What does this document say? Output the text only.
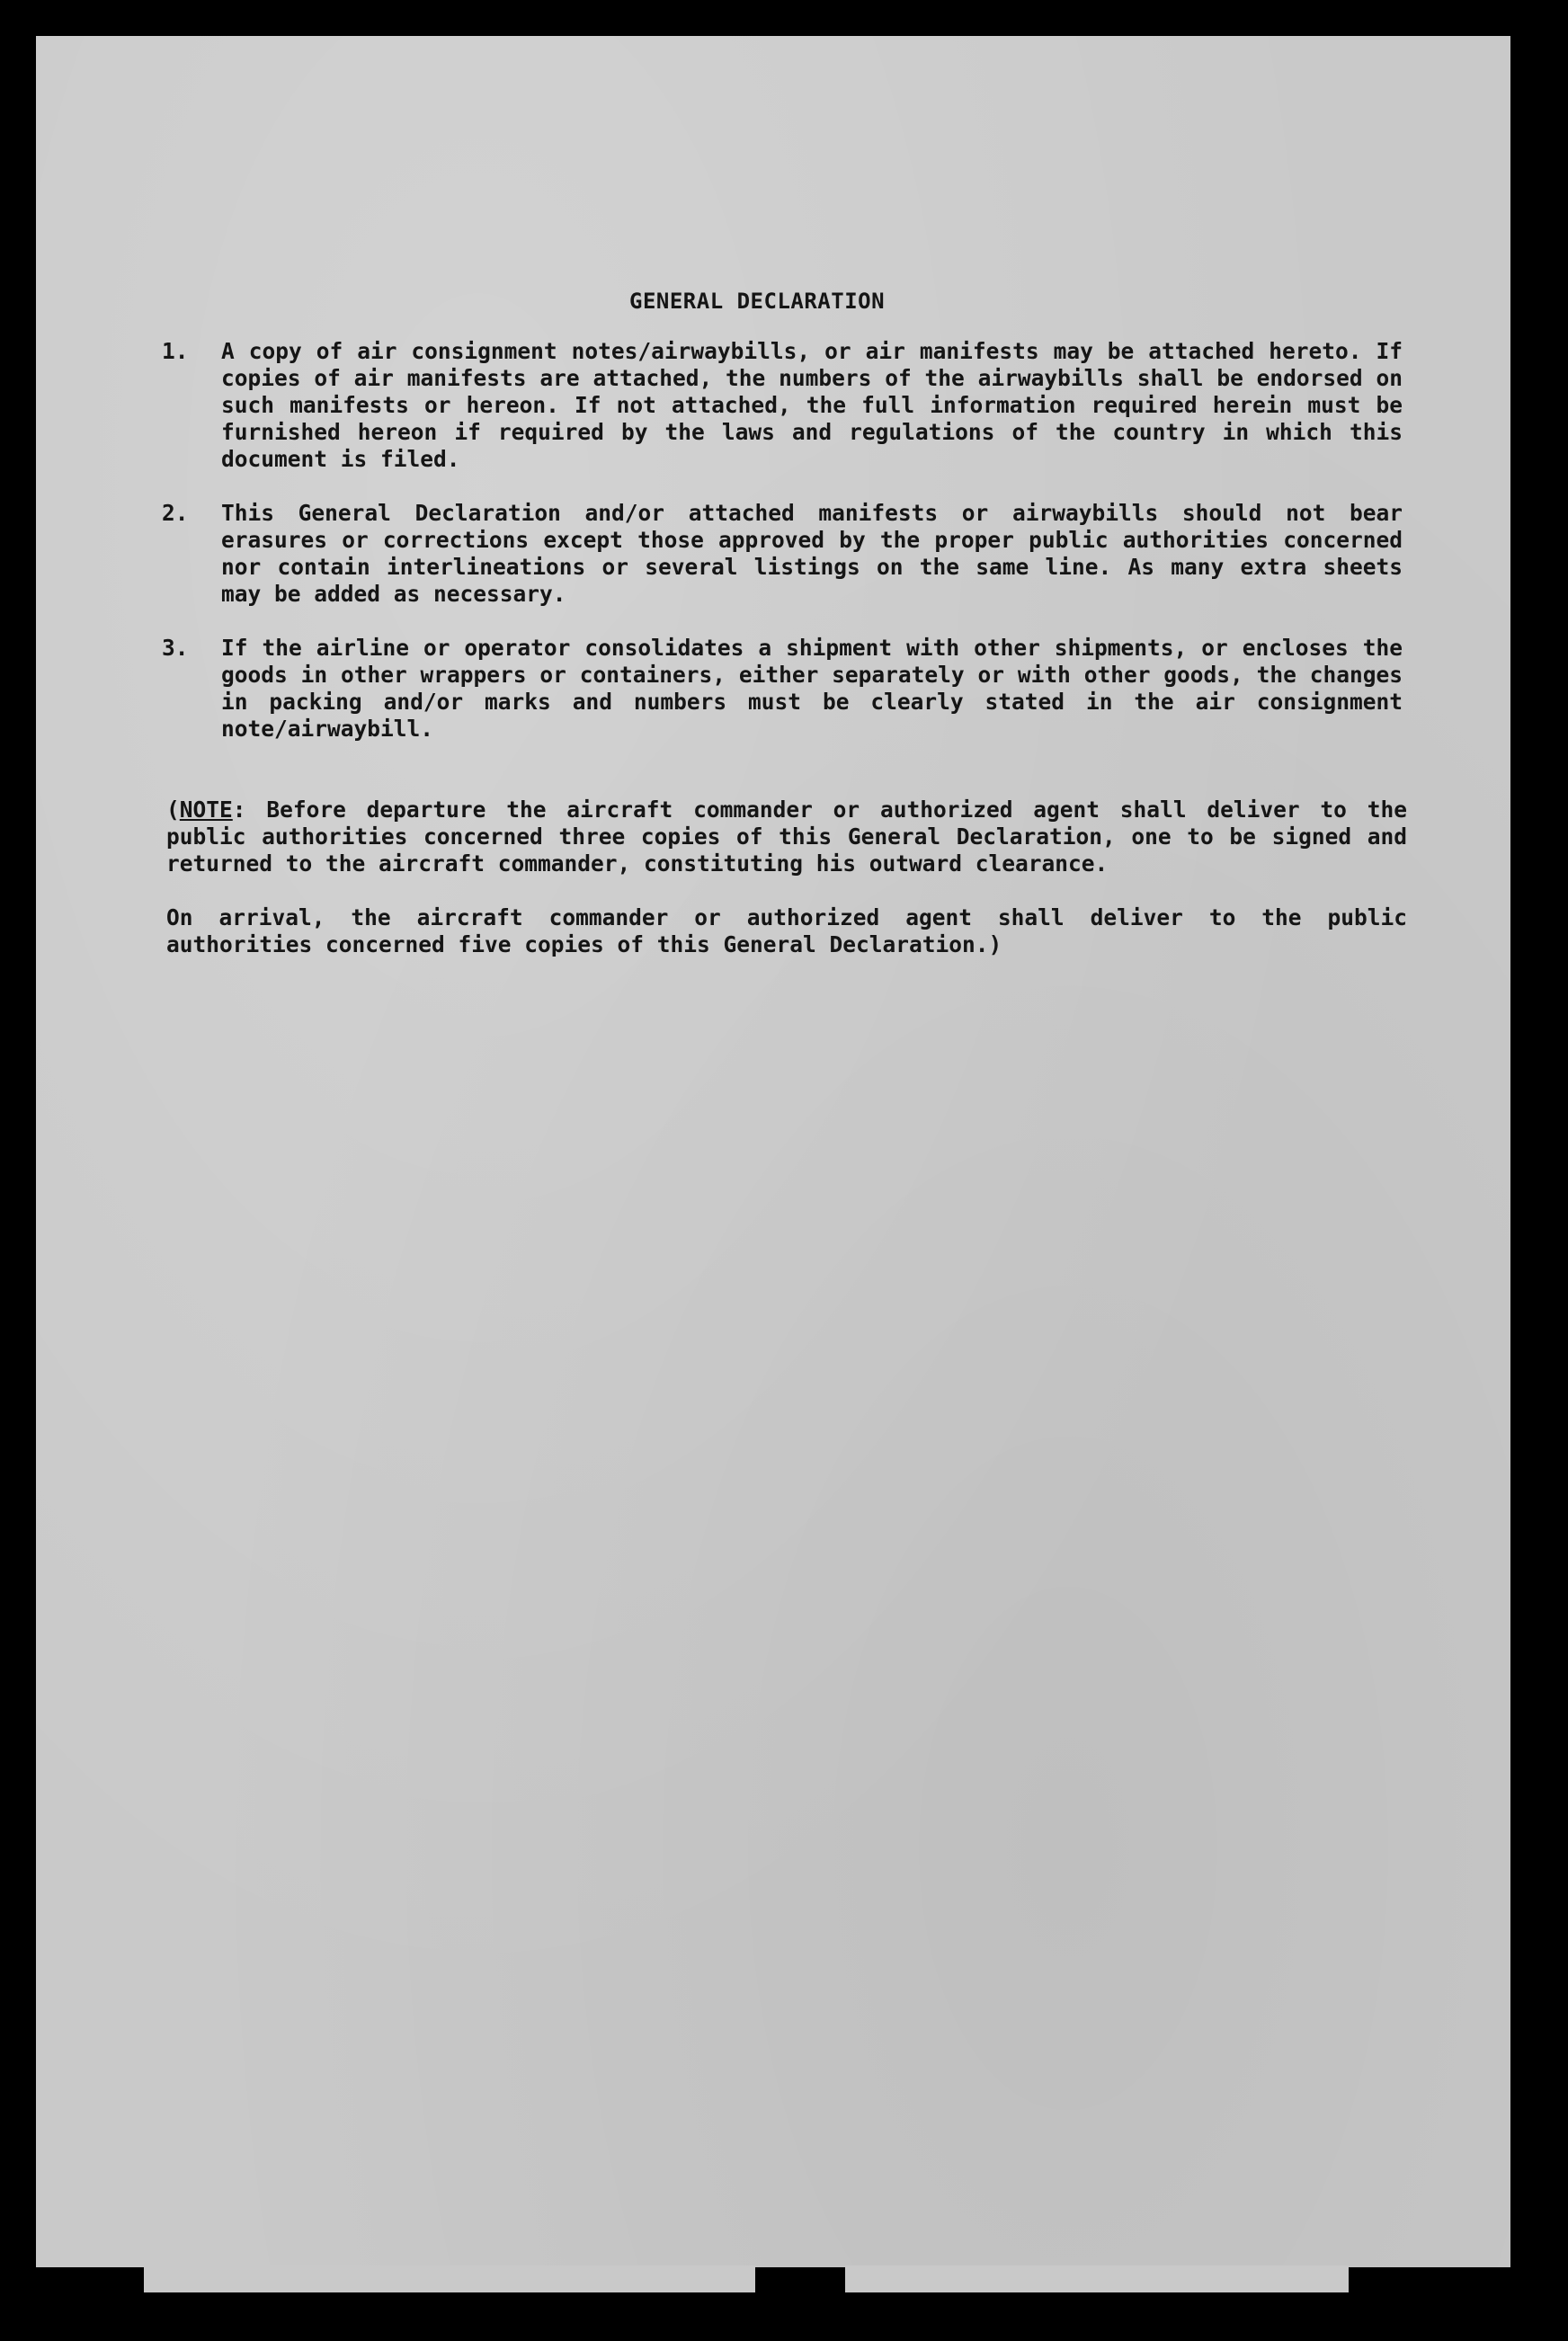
GENERAL DECLARATION
1.	A copy of air consignment notes/airwaybills, or air manifests may be attached hereto. If copies of air manifests are attached, the numbers of the airwaybills shall be endorsed on such manifests or hereon. If not attached, the full information required herein must be furnished hereon if required by the laws and regulations of the country in which this document is filed.
2.	This General Declaration and/or attached manifests or airwaybills should not bear erasures or corrections except those approved by the proper public authorities concerned nor contain interlineations or several listings on the same line. As many extra sheets may be added as necessary.
3.	If the airline or operator consolidates a shipment with other shipments, or encloses the goods in other wrappers or containers, either separately or with other goods, the changes in packing and/or marks and numbers must be clearly stated in the air consignment note/airwaybill.
(NOTE: Before departure the aircraft commander or authorized agent shall deliver to the public authorities concerned three copies of this General Declaration, one to be signed and returned to the aircraft commander, constituting his outward clearance.
On arrival, the aircraft commander or authorized agent shall deliver to the public authorities concerned five copies of this General Declaration.)
